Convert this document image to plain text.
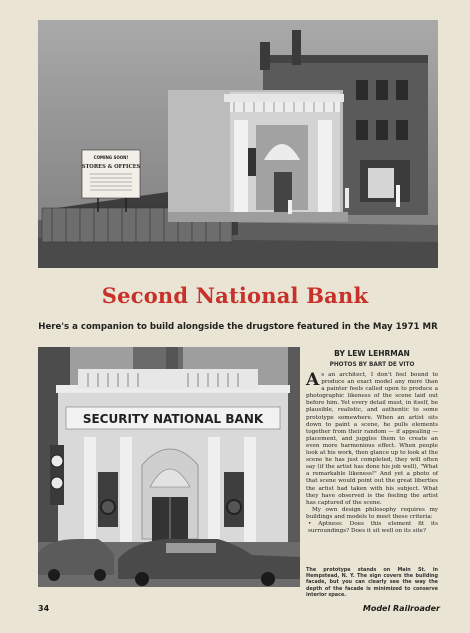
COMING SOON!
STORES & OFFICES
Second National Bank
Here's a companion to build alongside the drugstore featured in the May 1971 MR
SECURITY NATIONAL BANK
BY LEW LEHRMAN
PHOTOS BY BART DE VITO

As an architect, I don't feel bound to produce an exact model any more than a painter feels called upon to produce a photographic likeness of the scene laid out before him. Yet every detail must, in itself, be plausible, realistic, and authentic to some prototype somewhere. When an artist sits down to paint a scene, he pulls elements together from their random — if appealing — placement, and juggles them to create an even more harmonious effect. When people look at his work, then glance up to look at the scene he has just completed, they will often say (if the artist has done his job well), "What a remarkable likeness!" And yet a photo of that scene would point out the great liberties the artist had taken with his subject. What they have observed is the feeling the artist has captured of the scene.

My own design philosophy requires my buildings and models to meet these criteria:

• Aptness: Does this element fit its surroundings? Does it sit well on its site?

The prototype stands on Main St. in Hempstead, N. Y. The sign covers the building facade, but you can clearly see the way the depth of the facade is minimized to conserve interior space.
34	Model Railroader
